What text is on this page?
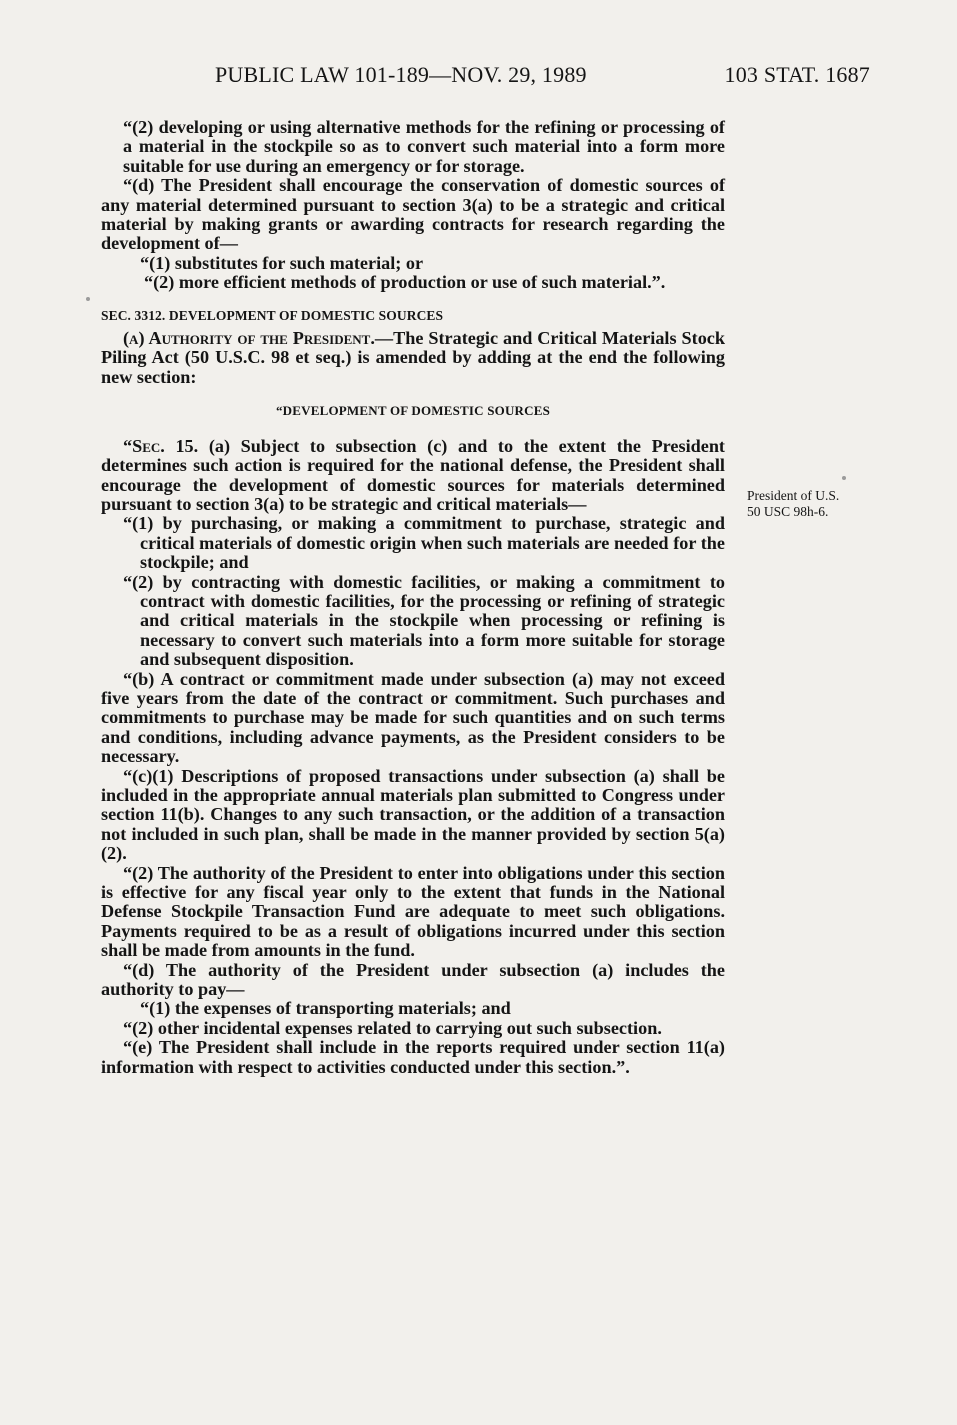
PUBLIC LAW 101-189—NOV. 29, 1989	103 STAT. 1687

“(2) developing or using alternative methods for the refining or processing of a material in the stockpile so as to convert such material into a form more suitable for use during an emergency or for storage.

“(d) The President shall encourage the conservation of domestic sources of any material determined pursuant to section 3(a) to be a strategic and critical material by making grants or awarding contracts for research regarding the development of—

“(1) substitutes for such material; or

“(2) more efficient methods of production or use of such material.”.

SEC. 3312. DEVELOPMENT OF DOMESTIC SOURCES

(a) Authority of the President.—The Strategic and Critical Materials Stock Piling Act (50 U.S.C. 98 et seq.) is amended by adding at the end the following new section:

“DEVELOPMENT OF DOMESTIC SOURCES

“Sec. 15. (a) Subject to subsection (c) and to the extent the President determines such action is required for the national defense, the President shall encourage the development of domestic sources for materials determined pursuant to section 3(a) to be strategic and critical materials—

“(1) by purchasing, or making a commitment to purchase, strategic and critical materials of domestic origin when such materials are needed for the stockpile; and

“(2) by contracting with domestic facilities, or making a commitment to contract with domestic facilities, for the processing or refining of strategic and critical materials in the stockpile when processing or refining is necessary to convert such materials into a form more suitable for storage and subsequent disposition.

“(b) A contract or commitment made under subsection (a) may not exceed five years from the date of the contract or commitment. Such purchases and commitments to purchase may be made for such quantities and on such terms and conditions, including advance payments, as the President considers to be necessary.

“(c)(1) Descriptions of proposed transactions under subsection (a) shall be included in the appropriate annual materials plan submitted to Congress under section 11(b). Changes to any such transaction, or the addition of a transaction not included in such plan, shall be made in the manner provided by section 5(a)(2).

“(2) The authority of the President to enter into obligations under this section is effective for any fiscal year only to the extent that funds in the National Defense Stockpile Transaction Fund are adequate to meet such obligations. Payments required to be as a result of obligations incurred under this section shall be made from amounts in the fund.

“(d) The authority of the President under subsection (a) includes the authority to pay—

“(1) the expenses of transporting materials; and

“(2) other incidental expenses related to carrying out such subsection.

“(e) The President shall include in the reports required under section 11(a) information with respect to activities conducted under this section.”.

President of U.S.
50 USC 98h-6.
